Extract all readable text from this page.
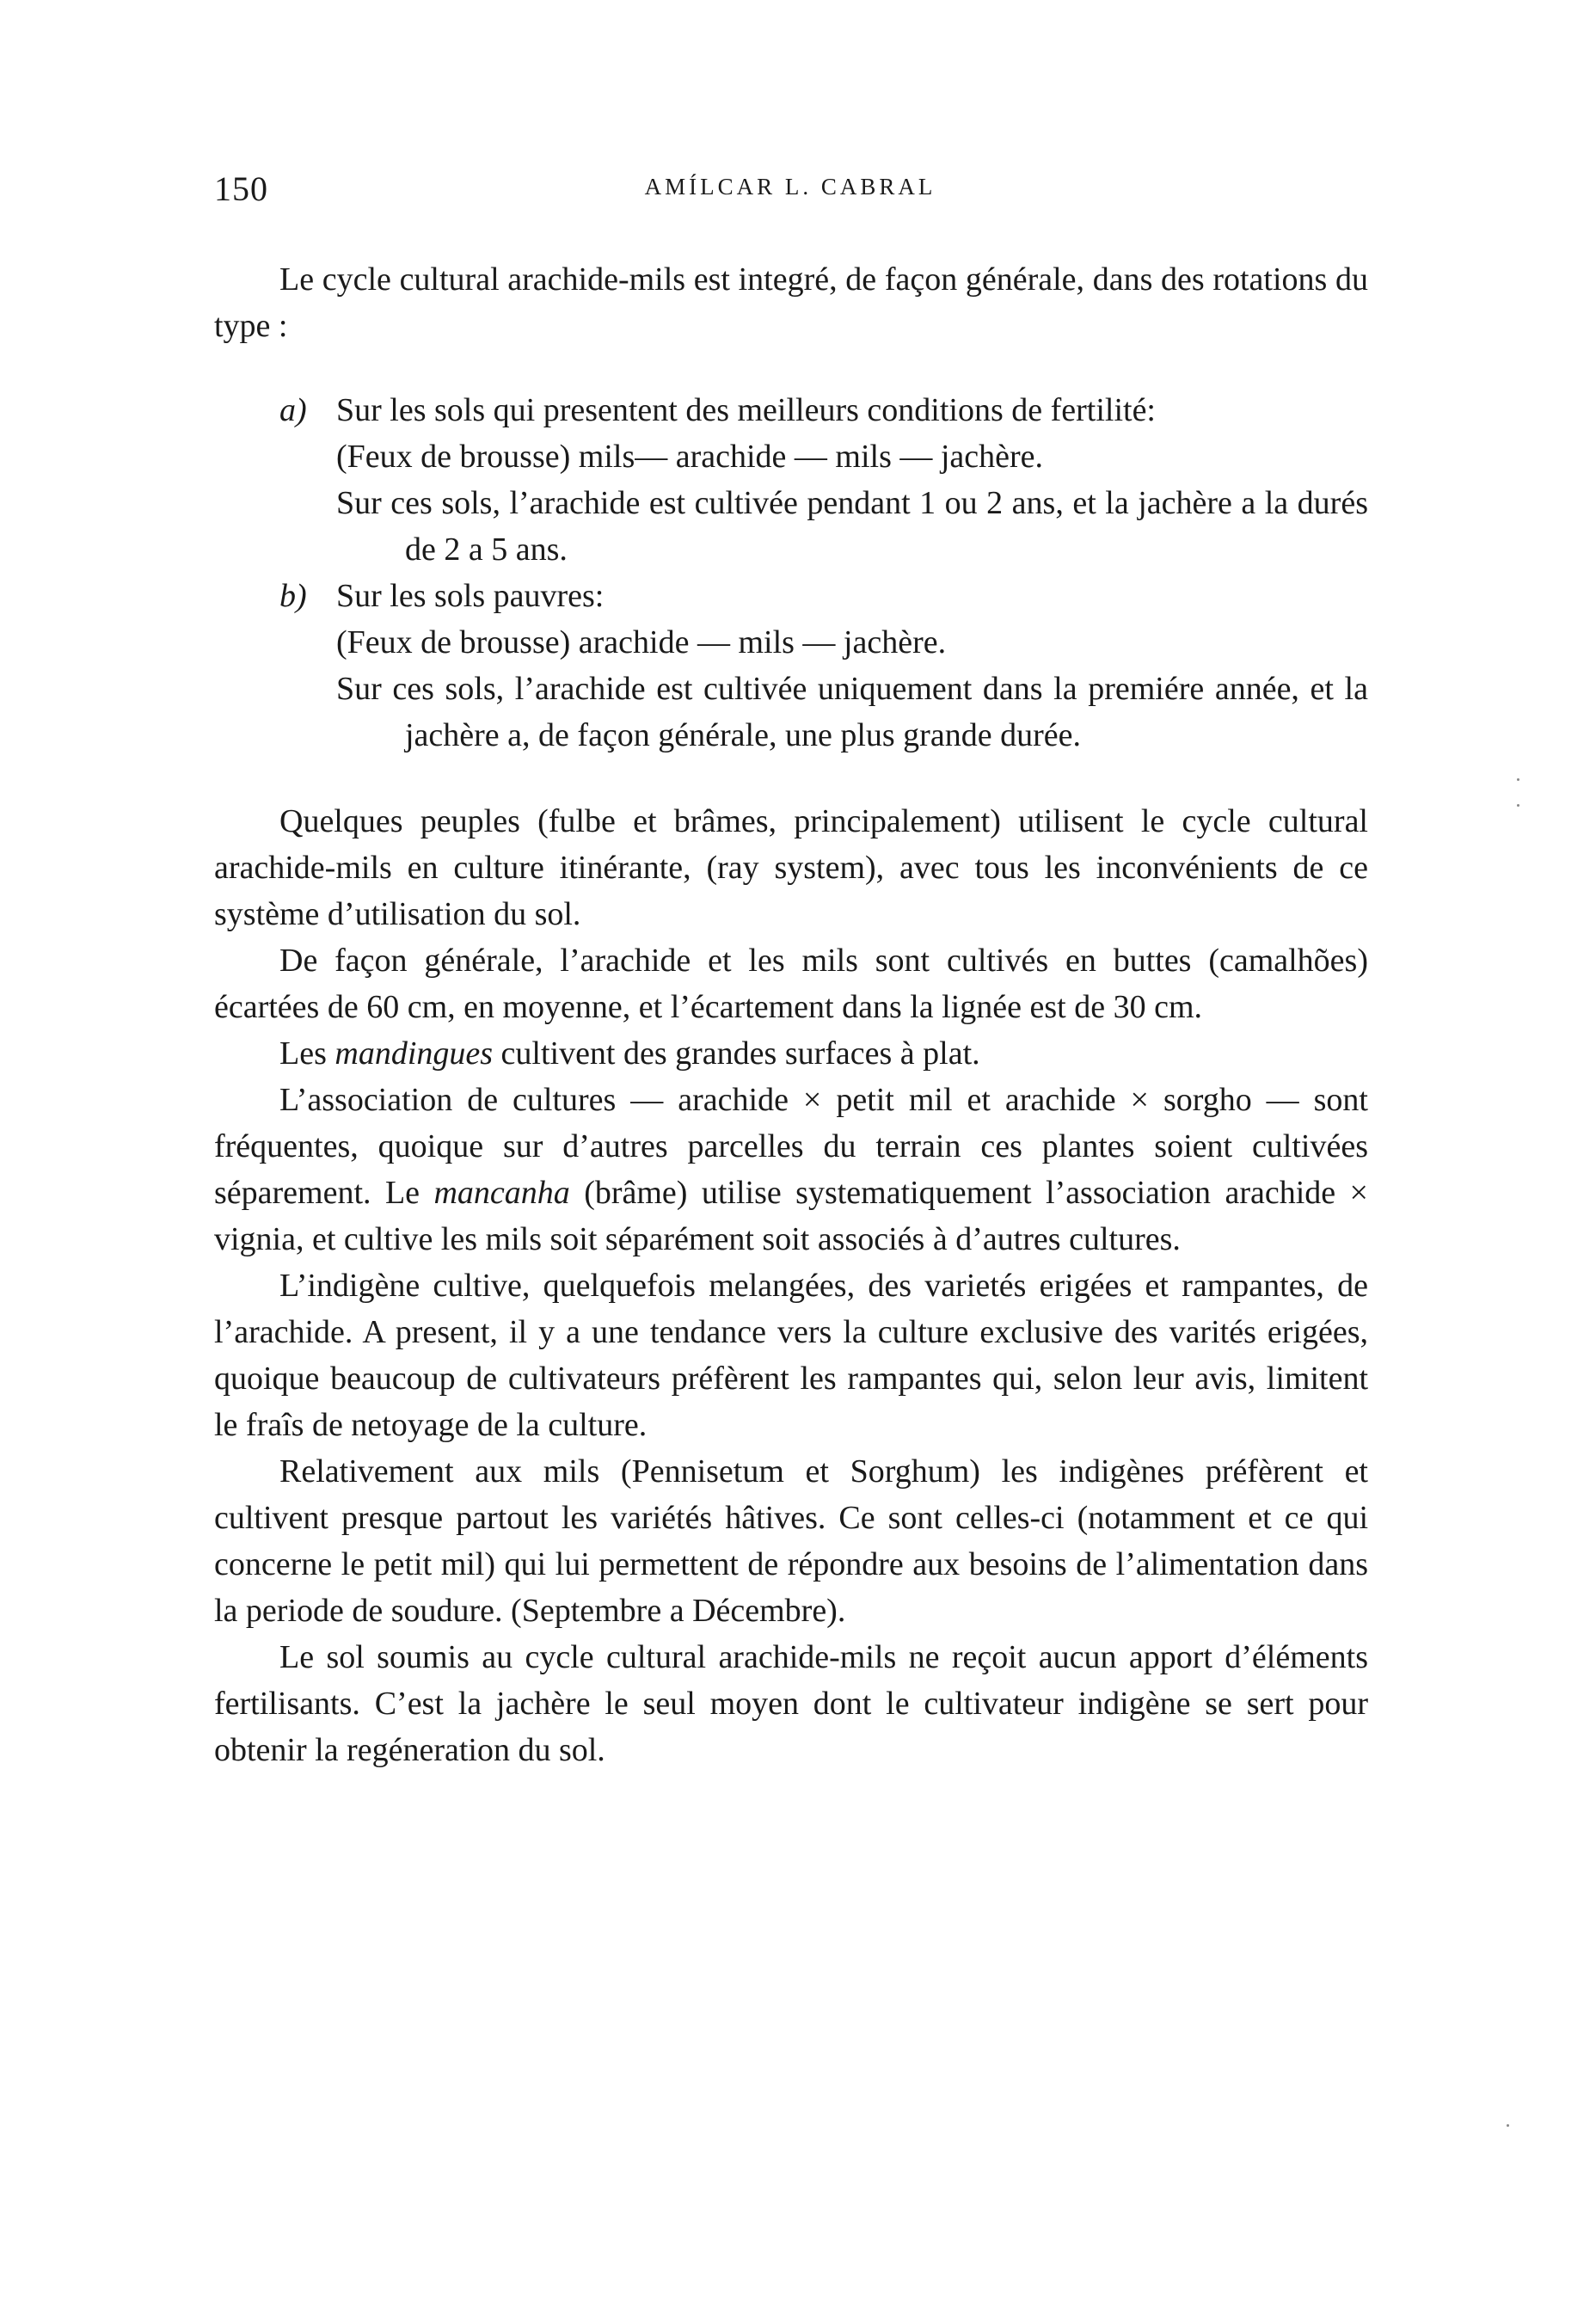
150	AMÍLCAR L. CABRAL

Le cycle cultural arachide-mils est integré, de façon générale, dans des rotations du type :

a) Sur les sols qui presentent des meilleurs conditions de fertilité:
(Feux de brousse) mils— arachide — mils — jachère.
Sur ces sols, l’arachide est cultivée pendant 1 ou 2 ans, et la jachère a la durés de 2 a 5 ans.
b) Sur les sols pauvres:
(Feux de brousse) arachide — mils — jachère.
Sur ces sols, l’arachide est cultivée uniquement dans la premiére année, et la jachère a, de façon générale, une plus grande durée.

Quelques peuples (fulbe et brâmes, principalement) utilisent le cycle cultural arachide-mils en culture itinérante, (ray system), avec tous les inconvénients de ce système d’utilisation du sol.

De façon générale, l’arachide et les mils sont cultivés en buttes (camalhões) écartées de 60 cm, en moyenne, et l’écartement dans la lignée est de 30 cm.

Les mandingues cultivent des grandes surfaces à plat.

L’association de cultures — arachide × petit mil et arachide × sorgho — sont fréquentes, quoique sur d’autres parcelles du terrain ces plantes soient cultivées séparement. Le mancanha (brâme) utilise systematiquement l’association arachide × vignia, et cultive les mils soit séparément soit associés à d’autres cultures.

L’indigène cultive, quelquefois melangées, des varietés erigées et rampantes, de l’arachide. A present, il y a une tendance vers la culture exclusive des varités erigées, quoique beaucoup de cultivateurs préfèrent les rampantes qui, selon leur avis, limitent le fraîs de netoyage de la culture.

Relativement aux mils (Pennisetum et Sorghum) les indigènes préfèrent et cultivent presque partout les variétés hâtives. Ce sont celles-ci (notamment et ce qui concerne le petit mil) qui lui permettent de répondre aux besoins de l’alimentation dans la periode de soudure. (Septembre a Décembre).

Le sol soumis au cycle cultural arachide-mils ne reçoit aucun apport d’éléments fertilisants. C’est la jachère le seul moyen dont le cultivateur indigène se sert pour obtenir la regéneration du sol.
